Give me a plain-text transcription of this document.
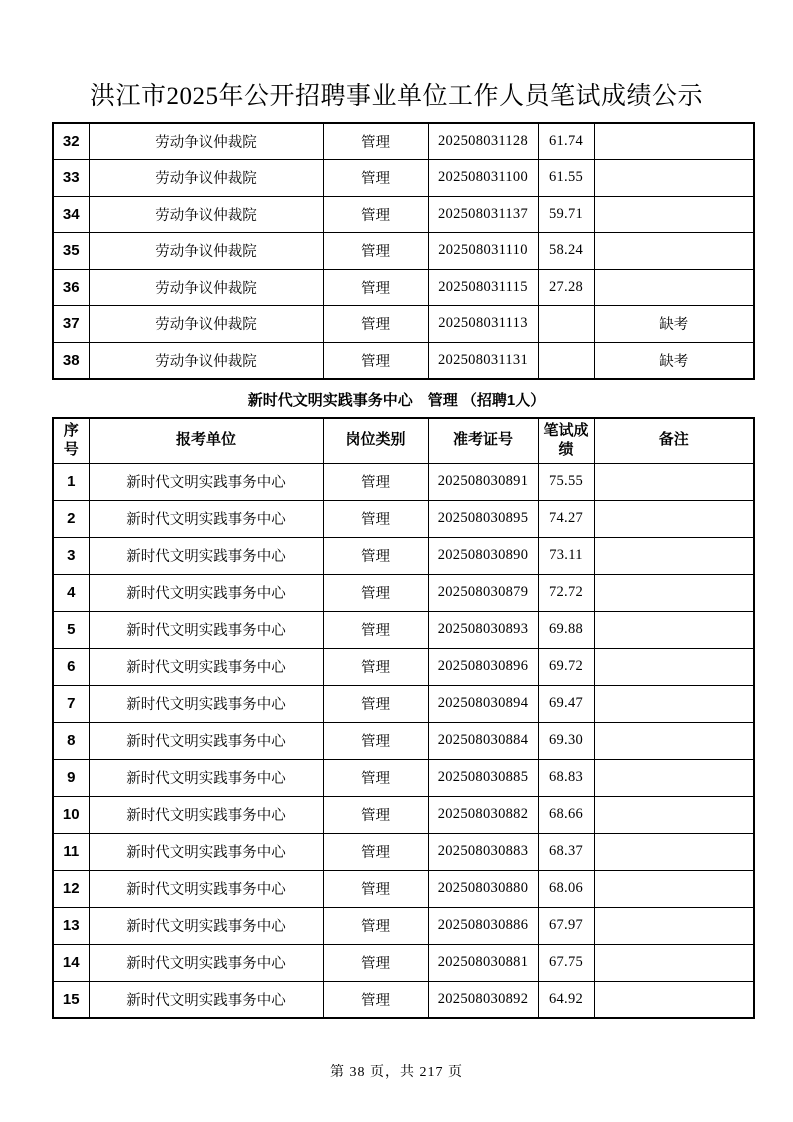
洪江市2025年公开招聘事业单位工作人员笔试成绩公示
32	劳动争议仲裁院	管理	202508031128	61.74	
33	劳动争议仲裁院	管理	202508031100	61.55	
34	劳动争议仲裁院	管理	202508031137	59.71	
35	劳动争议仲裁院	管理	202508031110	58.24	
36	劳动争议仲裁院	管理	202508031115	27.28	
37	劳动争议仲裁院	管理	202508031113		缺考
38	劳动争议仲裁院	管理	202508031131		缺考
新时代文明实践事务中心　管理 （招聘1人）
序号	报考单位	岗位类别	准考证号	笔试成绩	备注
1	新时代文明实践事务中心	管理	202508030891	75.55	
2	新时代文明实践事务中心	管理	202508030895	74.27	
3	新时代文明实践事务中心	管理	202508030890	73.11	
4	新时代文明实践事务中心	管理	202508030879	72.72	
5	新时代文明实践事务中心	管理	202508030893	69.88	
6	新时代文明实践事务中心	管理	202508030896	69.72	
7	新时代文明实践事务中心	管理	202508030894	69.47	
8	新时代文明实践事务中心	管理	202508030884	69.30	
9	新时代文明实践事务中心	管理	202508030885	68.83	
10	新时代文明实践事务中心	管理	202508030882	68.66	
11	新时代文明实践事务中心	管理	202508030883	68.37	
12	新时代文明实践事务中心	管理	202508030880	68.06	
13	新时代文明实践事务中心	管理	202508030886	67.97	
14	新时代文明实践事务中心	管理	202508030881	67.75	
15	新时代文明实践事务中心	管理	202508030892	64.92	
第 38 页，共 217 页
